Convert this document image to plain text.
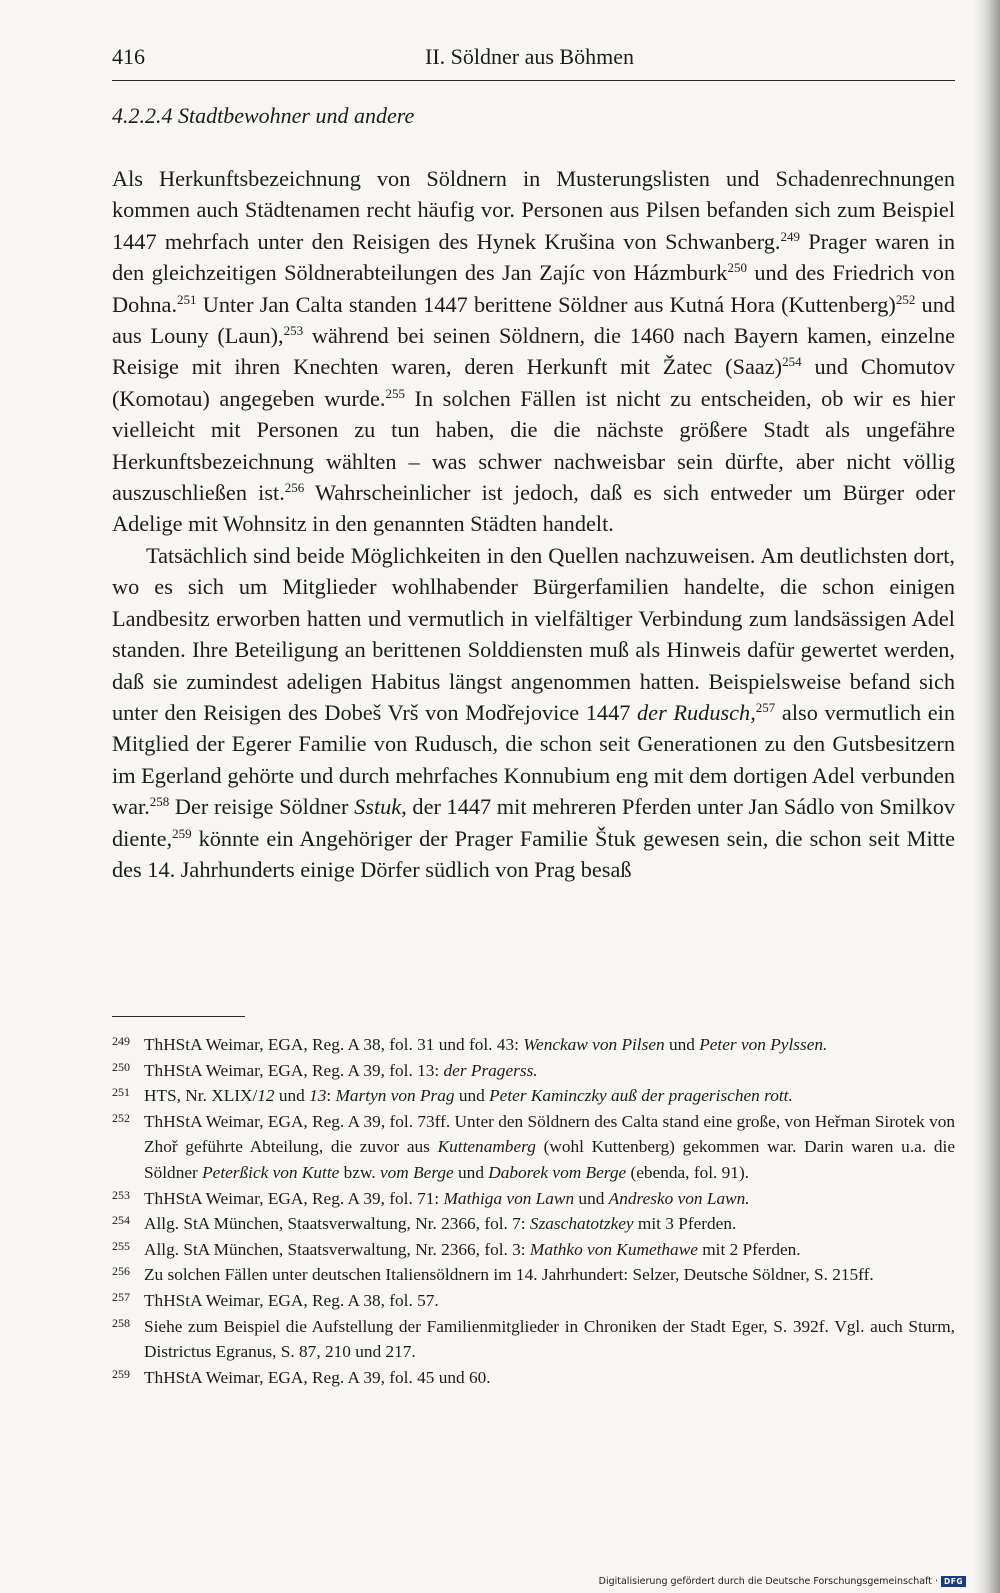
416	II. Söldner aus Böhmen
4.2.2.4 Stadtbewohner und andere

Als Herkunftsbezeichnung von Söldnern in Musterungslisten und Schadenrechnungen kommen auch Städtenamen recht häufig vor. Personen aus Pilsen befanden sich zum Beispiel 1447 mehrfach unter den Reisigen des Hynek Krušina von Schwanberg.$^{249}$ Prager waren in den gleichzeitigen Söldnerabteilungen des Jan Zajíc von Házmburk$^{250}$ und des Friedrich von Dohna.$^{251}$ Unter Jan Calta standen 1447 berittene Söldner aus Kutná Hora (Kuttenberg)$^{252}$ und aus Louny (Laun),$^{253}$ während bei seinen Söldnern, die 1460 nach Bayern kamen, einzelne Reisige mit ihren Knechten waren, deren Herkunft mit Žatec (Saaz)$^{254}$ und Chomutov (Komotau) angegeben wurde.$^{255}$ In solchen Fällen ist nicht zu entscheiden, ob wir es hier vielleicht mit Personen zu tun haben, die die nächste größere Stadt als ungefähre Herkunftsbezeichnung wählten – was schwer nachweisbar sein dürfte, aber nicht völlig auszuschließen ist.$^{256}$ Wahrscheinlicher ist jedoch, daß es sich entweder um Bürger oder Adelige mit Wohnsitz in den genannten Städten handelt.

Tatsächlich sind beide Möglichkeiten in den Quellen nachzuweisen. Am deutlichsten dort, wo es sich um Mitglieder wohlhabender Bürgerfamilien handelte, die schon einigen Landbesitz erworben hatten und vermutlich in vielfältiger Verbindung zum landsässigen Adel standen. Ihre Beteiligung an berittenen Solddiensten muß als Hinweis dafür gewertet werden, daß sie zumindest adeligen Habitus längst angenommen hatten. Beispielsweise befand sich unter den Reisigen des Dobeš Vrš von Modřejovice 1447 der Rudusch,$^{257}$ also vermutlich ein Mitglied der Egerer Familie von Rudusch, die schon seit Generationen zu den Gutsbesitzern im Egerland gehörte und durch mehrfaches Konnubium eng mit dem dortigen Adel verbunden war.$^{258}$ Der reisige Söldner Sstuk, der 1447 mit mehreren Pferden unter Jan Sádlo von Smilkov diente,$^{259}$ könnte ein Angehöriger der Prager Familie Štuk gewesen sein, die schon seit Mitte des 14. Jahrhunderts einige Dörfer südlich von Prag besaß

249 ThHStA Weimar, EGA, Reg. A 38, fol. 31 und fol. 43: Wenckaw von Pilsen und Peter von Pylssen.

250 ThHStA Weimar, EGA, Reg. A 39, fol. 13: der Pragerss.

251 HTS, Nr. XLIX/12 und 13: Martyn von Prag und Peter Kaminczky auß der pragerischen rott.

252 ThHStA Weimar, EGA, Reg. A 39, fol. 73ff. Unter den Söldnern des Calta stand eine große, von Heřman Sirotek von Zhoř geführte Abteilung, die zuvor aus Kuttenamberg (wohl Kuttenberg) gekommen war. Darin waren u.a. die Söldner Peterßick von Kutte bzw. vom Berge und Daborek vom Berge (ebenda, fol. 91).

253 ThHStA Weimar, EGA, Reg. A 39, fol. 71: Mathiga von Lawn und Andresko von Lawn.

254 Allg. StA München, Staatsverwaltung, Nr. 2366, fol. 7: Szaschatotzkey mit 3 Pferden.

255 Allg. StA München, Staatsverwaltung, Nr. 2366, fol. 3: Mathko von Kumethawe mit 2 Pferden.

256 Zu solchen Fällen unter deutschen Italiensöldnern im 14. Jahrhundert: Selzer, Deutsche Söldner, S. 215ff.

257 ThHStA Weimar, EGA, Reg. A 38, fol. 57.

258 Siehe zum Beispiel die Aufstellung der Familienmitglieder in Chroniken der Stadt Eger, S. 392f. Vgl. auch Sturm, Districtus Egranus, S. 87, 210 und 217.

259 ThHStA Weimar, EGA, Reg. A 39, fol. 45 und 60.

Digitalisierung gefördert durch die Deutsche Forschungsgemeinschaft · DFG
